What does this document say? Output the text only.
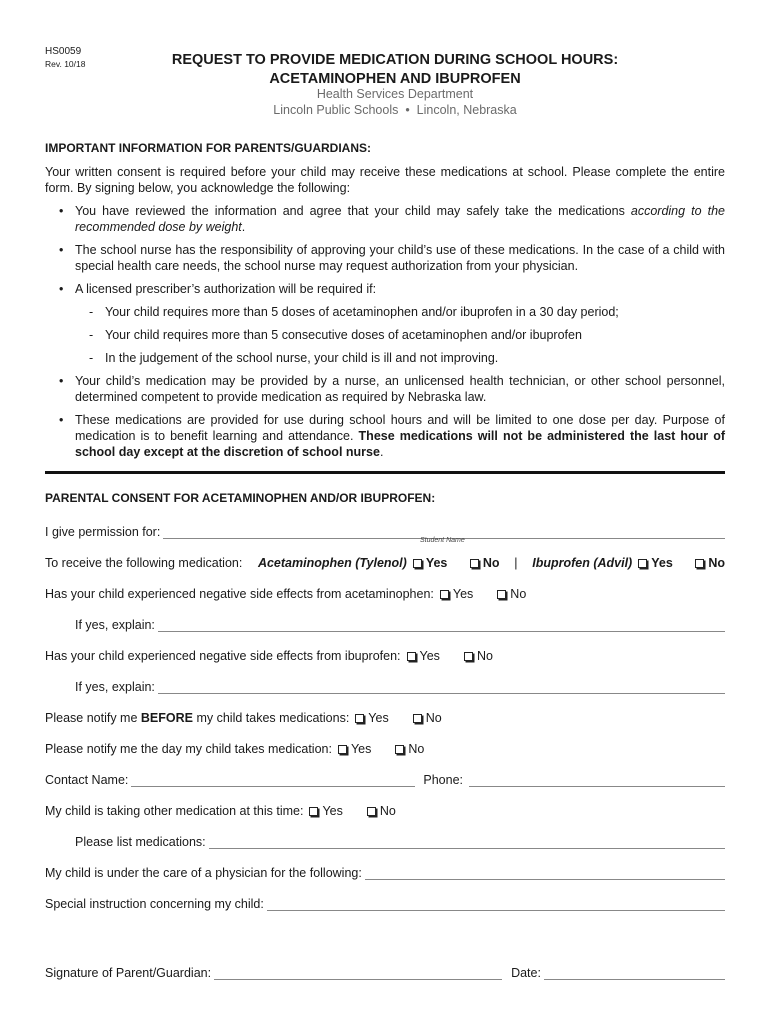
HS0059
Rev. 10/18	REQUEST TO PROVIDE MEDICATION DURING SCHOOL HOURS:
ACETAMINOPHEN AND IBUPROFEN
Health Services Department
Lincoln Public Schools • Lincoln, Nebraska
IMPORTANT INFORMATION FOR PARENTS/GUARDIANS:
Your written consent is required before your child may receive these medications at school. Please complete the entire form. By signing below, you acknowledge the following:
• You have reviewed the information and agree that your child may safely take the medications according to the recommended dose by weight.
• The school nurse has the responsibility of approving your child’s use of these medications. In the case of a child with special health care needs, the school nurse may request authorization from your physician.
• A licensed prescriber’s authorization will be required if:
- Your child requires more than 5 doses of acetaminophen and/or ibuprofen in a 30 day period;
- Your child requires more than 5 consecutive doses of acetaminophen and/or ibuprofen
- In the judgement of the school nurse, your child is ill and not improving.
• Your child’s medication may be provided by a nurse, an unlicensed health technician, or other school personnel, determined competent to provide medication as required by Nebraska law.
• These medications are provided for use during school hours and will be limited to one dose per day. Purpose of medication is to benefit learning and attendance. These medications will not be administered the last hour of school day except at the discretion of school nurse.
PARENTAL CONSENT FOR ACETAMINOPHEN AND/OR IBUPROFEN:
I give permission for:
Student Name
To receive the following medication: Acetaminophen (Tylenol) Yes	No | Ibuprofen (Advil) Yes	No
Has your child experienced negative side effects from acetaminophen: Yes	No
If yes, explain:
Has your child experienced negative side effects from ibuprofen: Yes	No
If yes, explain:
Please notify me BEFORE my child takes medications: Yes	No
Please notify me the day my child takes medication: Yes	No
Contact Name:	Phone:
My child is taking other medication at this time: Yes	No
Please list medications:
My child is under the care of a physician for the following:
Special instruction concerning my child:
Signature of Parent/Guardian:	Date:
